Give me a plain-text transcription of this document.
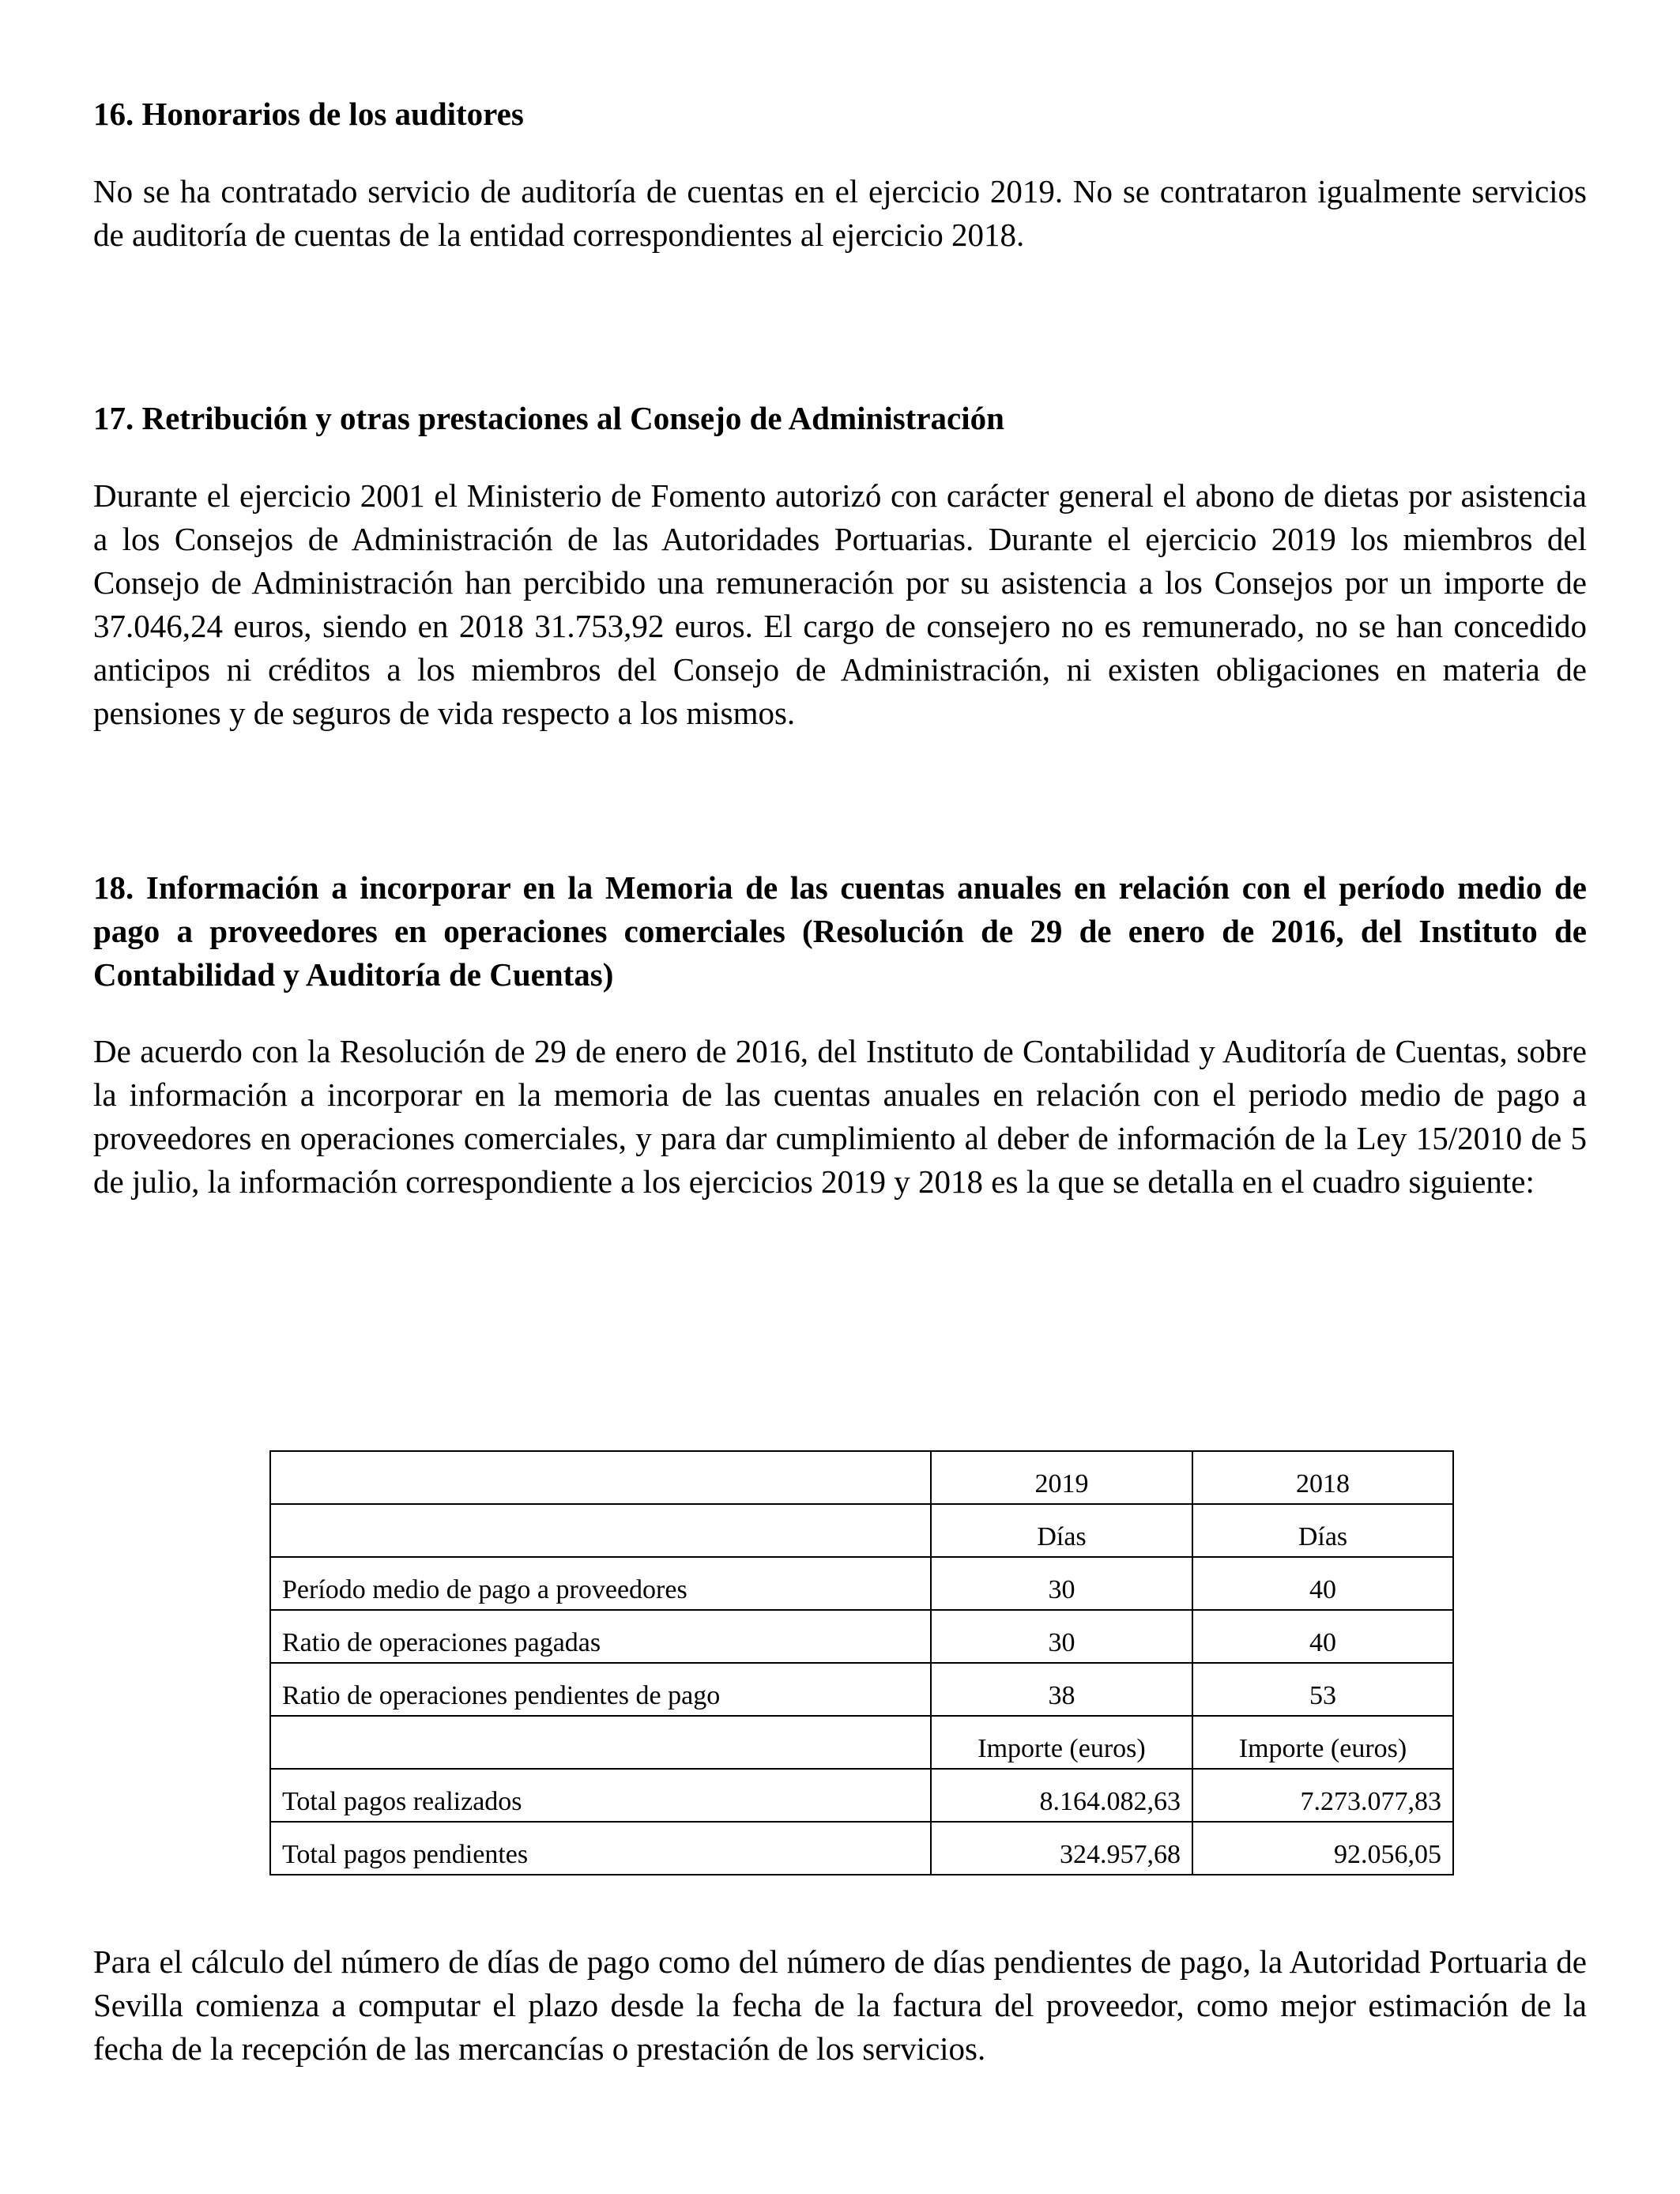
16. Honorarios de los auditores

No se ha contratado servicio de auditoría de cuentas en el ejercicio 2019. No se contrataron igualmente servicios de auditoría de cuentas de la entidad correspondientes al ejercicio 2018.

17. Retribución y otras prestaciones al Consejo de Administración

Durante el ejercicio 2001 el Ministerio de Fomento autorizó con carácter general el abono de dietas por asistencia a los Consejos de Administración de las Autoridades Portuarias. Durante el ejercicio 2019 los miembros del Consejo de Administración han percibido una remuneración por su asistencia a los Consejos por un importe de 37.046,24 euros, siendo en 2018 31.753,92 euros. El cargo de consejero no es remunerado, no se han concedido anticipos ni créditos a los miembros del Consejo de Administración, ni existen obligaciones en materia de pensiones y de seguros de vida respecto a los mismos.

18. Información a incorporar en la Memoria de las cuentas anuales en relación con el período medio de pago a proveedores en operaciones comerciales (Resolución de 29 de enero de 2016, del Instituto de Contabilidad y Auditoría de Cuentas)

De acuerdo con la Resolución de 29 de enero de 2016, del Instituto de Contabilidad y Auditoría de Cuentas, sobre la información a incorporar en la memoria de las cuentas anuales en relación con el periodo medio de pago a proveedores en operaciones comerciales, y para dar cumplimiento al deber de información de la Ley 15/2010 de 5 de julio, la información correspondiente a los ejercicios 2019 y 2018 es la que se detalla en el cuadro siguiente:

	2019	2018
	Días	Días
Período medio de pago a proveedores	30	40
Ratio de operaciones pagadas	30	40
Ratio de operaciones pendientes de pago	38	53
	Importe (euros)	Importe (euros)
Total pagos realizados	8.164.082,63	7.273.077,83
Total pagos pendientes	324.957,68	92.056,05

Para el cálculo del número de días de pago como del número de días pendientes de pago, la Autoridad Portuaria de Sevilla comienza a computar el plazo desde la fecha de la factura del proveedor, como mejor estimación de la fecha de la recepción de las mercancías o prestación de los servicios.
